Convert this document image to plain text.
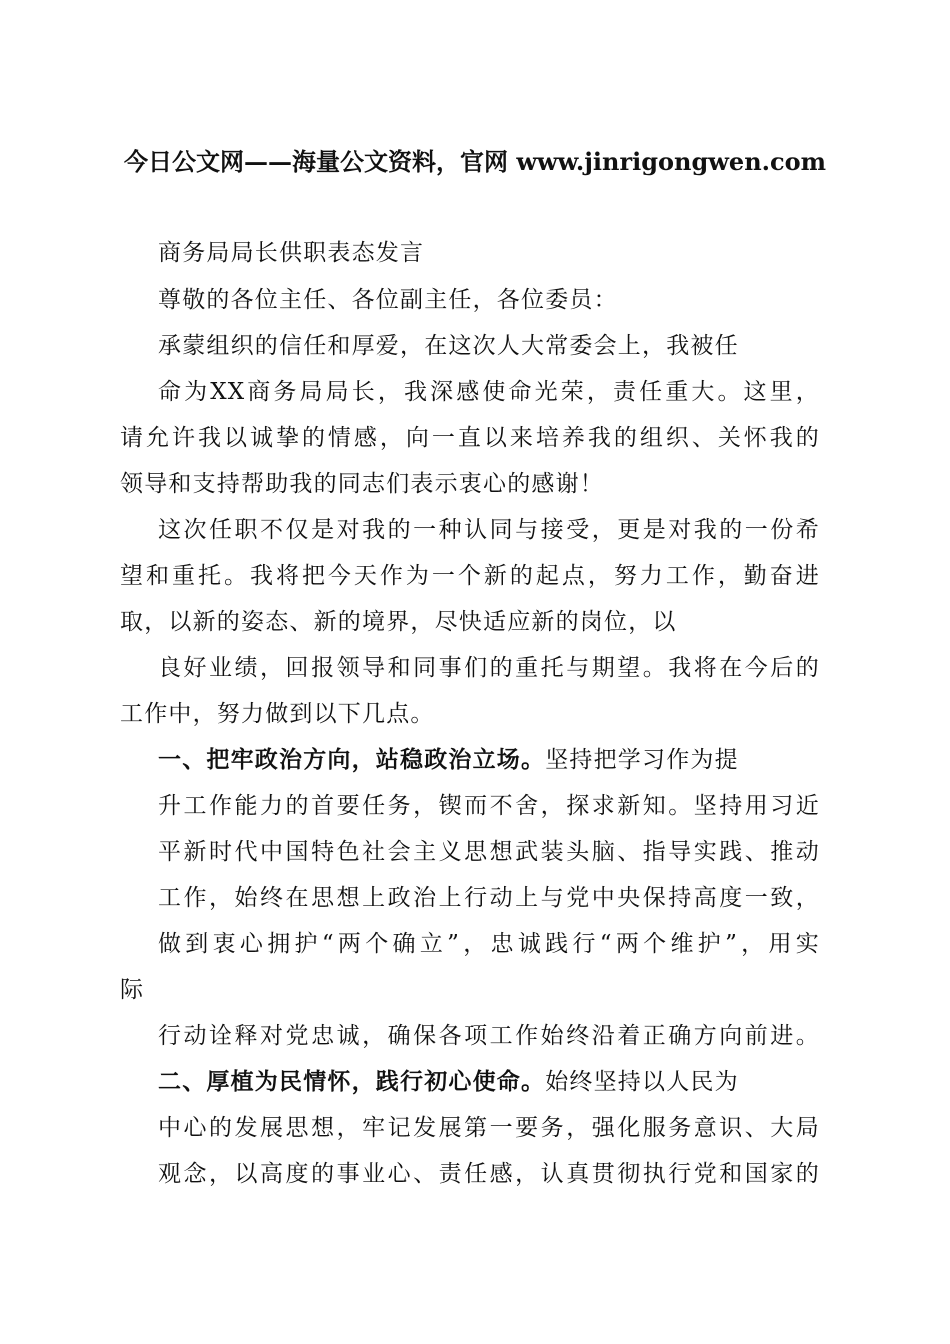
今日公文网——海量公文资料，官网 www.jinrigongwen.com
商务局局长供职表态发言
尊敬的各位主任、各位副主任，各位委员：
承蒙组织的信任和厚爱，在这次人大常委会上，我被任
命为XX商务局局长，我深感使命光荣，责任重大。这里，
请允许我以诚挚的情感，向一直以来培养我的组织、关怀我的
领导和支持帮助我的同志们表示衷心的感谢！
这次任职不仅是对我的一种认同与接受，更是对我的一份希
望和重托。我将把今天作为一个新的起点，努力工作，勤奋进
取，以新的姿态、新的境界，尽快适应新的岗位，以
良好业绩，回报领导和同事们的重托与期望。我将在今后的
工作中，努力做到以下几点。
一、把牢政治方向，站稳政治立场。坚持把学习作为提
升工作能力的首要任务，锲而不舍，探求新知。坚持用习近
平新时代中国特色社会主义思想武装头脑、指导实践、推动
工作，始终在思想上政治上行动上与党中央保持高度一致，
做到衷心拥护“两个确立”，忠诚践行“两个维护”，用实
际
行动诠释对党忠诚，确保各项工作始终沿着正确方向前进。
二、厚植为民情怀，践行初心使命。始终坚持以人民为
中心的发展思想，牢记发展第一要务，强化服务意识、大局
观念，以高度的事业心、责任感，认真贯彻执行党和国家的
